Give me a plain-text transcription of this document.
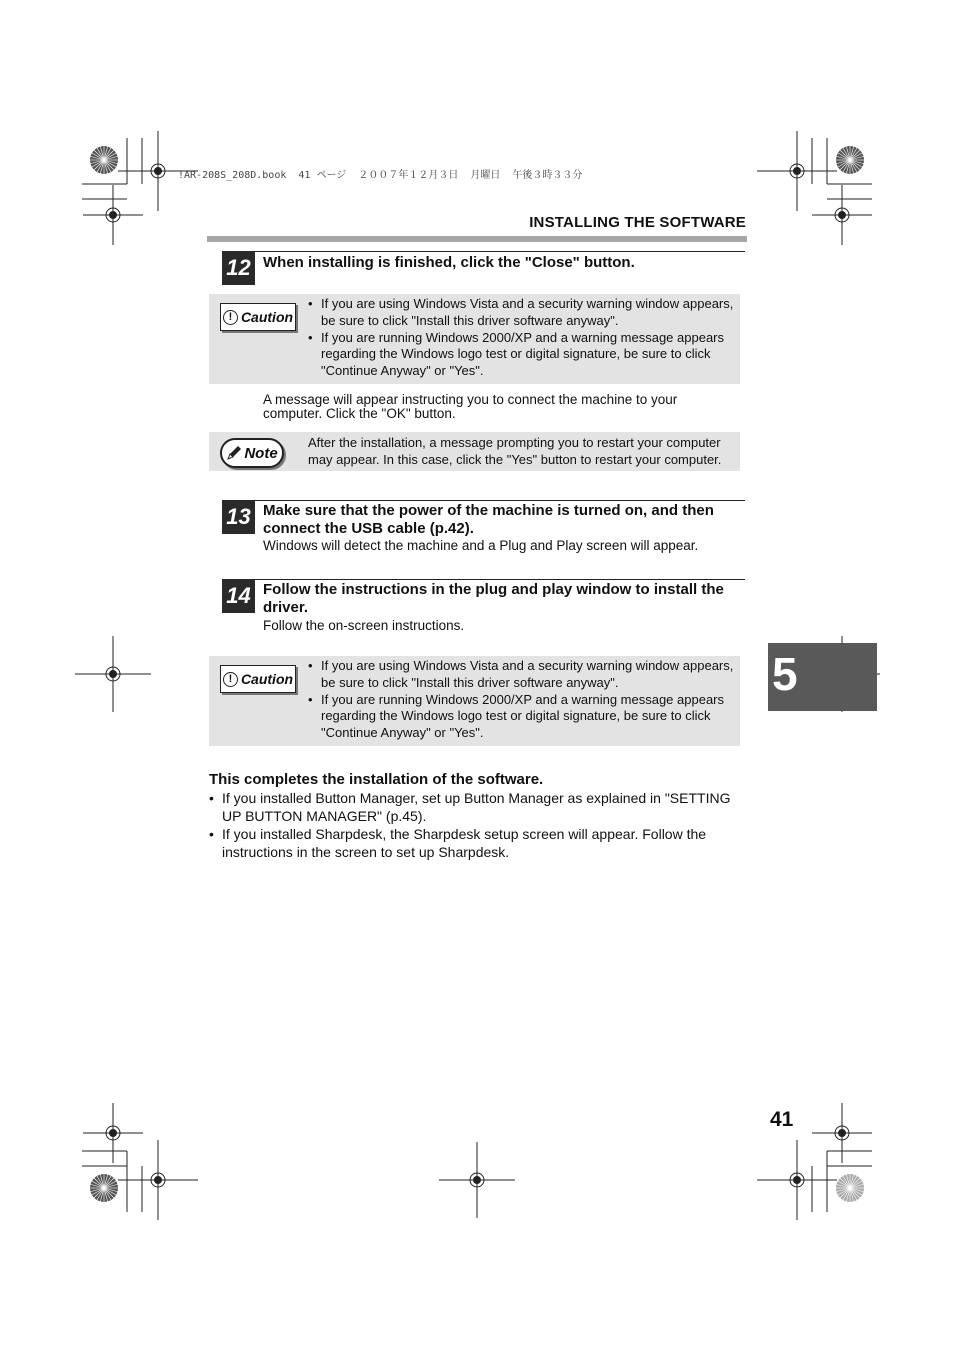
!AR-208S_208D.book  41 ページ  ２００７年１２月３日  月曜日  午後３時３３分
INSTALLING THE SOFTWARE
12 When installing is finished, click the "Close" button.
! Caution
• If you are using Windows Vista and a security warning window appears, be sure to click "Install this driver software anyway".
• If you are running Windows 2000/XP and a warning message appears regarding the Windows logo test or digital signature, be sure to click "Continue Anyway" or "Yes".
A message will appear instructing you to connect the machine to your computer. Click the "OK" button.
Note
After the installation, a message prompting you to restart your computer may appear. In this case, click the "Yes" button to restart your computer.
13 Make sure that the power of the machine is turned on, and then connect the USB cable (p.42).
Windows will detect the machine and a Plug and Play screen will appear.
14 Follow the instructions in the plug and play window to install the driver.
Follow the on-screen instructions.
! Caution
• If you are using Windows Vista and a security warning window appears, be sure to click "Install this driver software anyway".
• If you are running Windows 2000/XP and a warning message appears regarding the Windows logo test or digital signature, be sure to click "Continue Anyway" or "Yes".
This completes the installation of the software.
• If you installed Button Manager, set up Button Manager as explained in "SETTING UP BUTTON MANAGER" (p.45).
• If you installed Sharpdesk, the Sharpdesk setup screen will appear. Follow the instructions in the screen to set up Sharpdesk.
5
41
